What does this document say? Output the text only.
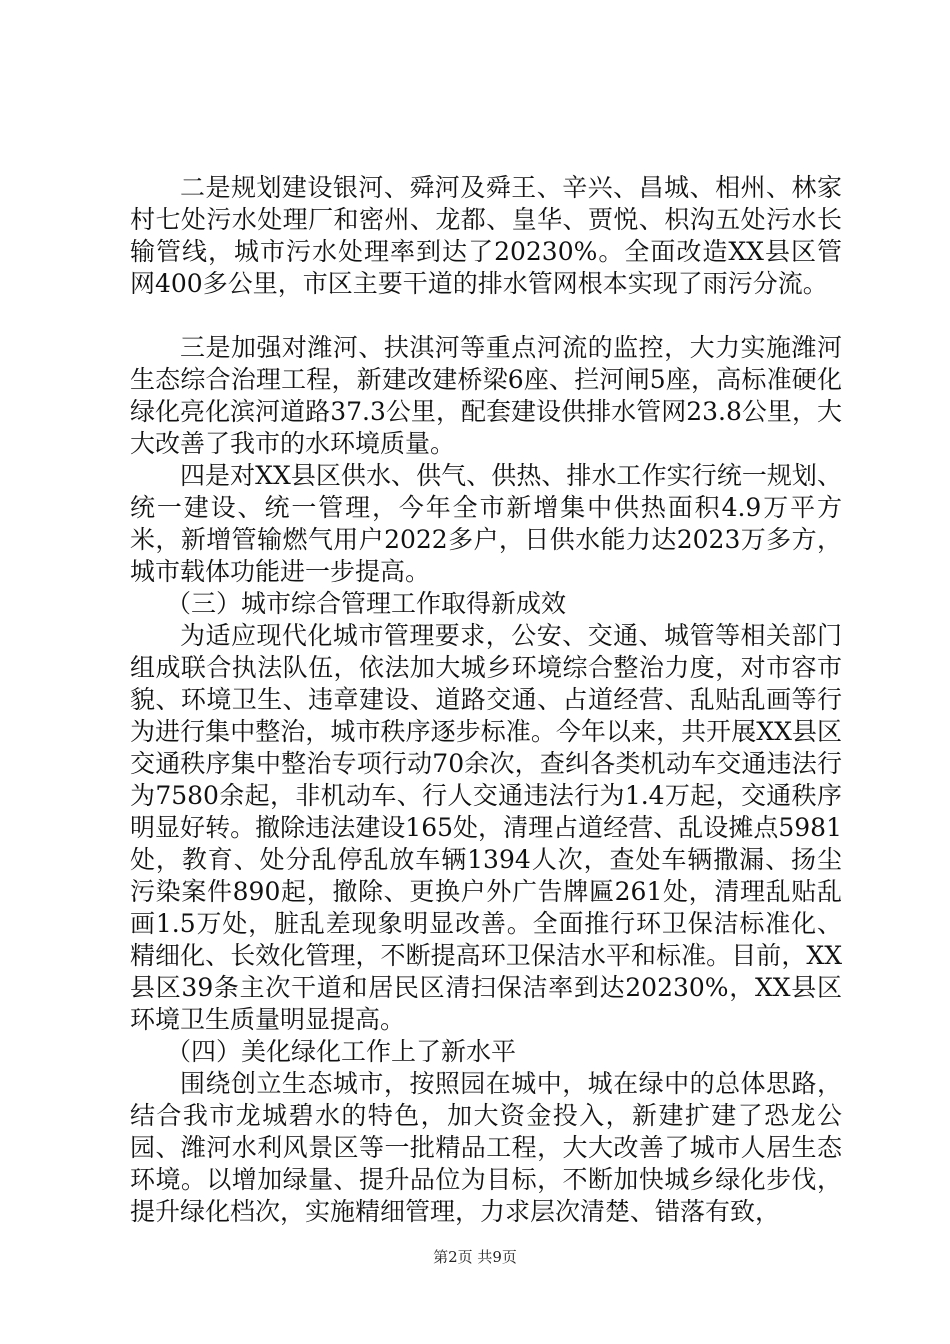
二是规划建设银河、舜河及舜王、辛兴、昌城、相州、林家村七处污水处理厂和密州、龙都、皇华、贾悦、枳沟五处污水长输管线，城市污水处理率到达了20230%。全面改造XX县区管网400多公里，市区主要干道的排水管网根本实现了雨污分流。

三是加强对潍河、扶淇河等重点河流的监控，大力实施潍河生态综合治理工程，新建改建桥梁6座、拦河闸5座，高标准硬化绿化亮化滨河道路37.3公里，配套建设供排水管网23.8公里，大大改善了我市的水环境质量。

四是对XX县区供水、供气、供热、排水工作实行统一规划、统一建设、统一管理，今年全市新增集中供热面积4.9万平方米，新增管输燃气用户2022多户，日供水能力达2023万多方，城市载体功能进一步提高。

（三）城市综合管理工作取得新成效

为适应现代化城市管理要求，公安、交通、城管等相关部门组成联合执法队伍，依法加大城乡环境综合整治力度，对市容市貌、环境卫生、违章建设、道路交通、占道经营、乱贴乱画等行为进行集中整治，城市秩序逐步标准。今年以来，共开展XX县区交通秩序集中整治专项行动70余次，查纠各类机动车交通违法行为7580余起，非机动车、行人交通违法行为1.4万起，交通秩序明显好转。撤除违法建设165处，清理占道经营、乱设摊点5981处，教育、处分乱停乱放车辆1394人次，查处车辆撒漏、扬尘污染案件890起，撤除、更换户外广告牌匾261处，清理乱贴乱画1.5万处，脏乱差现象明显改善。全面推行环卫保洁标准化、精细化、长效化管理，不断提高环卫保洁水平和标准。目前，XX县区39条主次干道和居民区清扫保洁率到达20230%，XX县区环境卫生质量明显提高。

（四）美化绿化工作上了新水平

围绕创立生态城市，按照园在城中，城在绿中的总体思路，结合我市龙城碧水的特色，加大资金投入，新建扩建了恐龙公园、潍河水利风景区等一批精品工程，大大改善了城市人居生态环境。以增加绿量、提升品位为目标，不断加快城乡绿化步伐，提升绿化档次，实施精细管理，力求层次清楚、错落有致，

第2页 共9页
